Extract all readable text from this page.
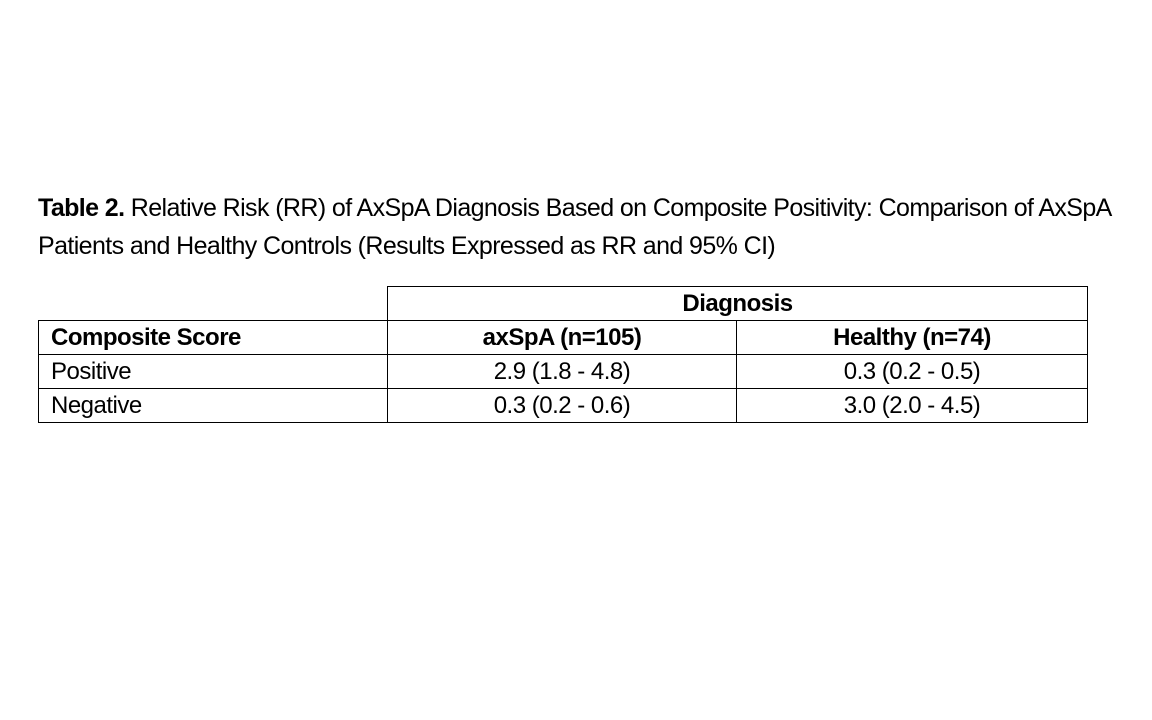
Table 2. Relative Risk (RR) of AxSpA Diagnosis Based on Composite Positivity: Comparison of AxSpA Patients and Healthy Controls (Results Expressed as RR and 95% CI)
	Diagnosis	
Composite Score	axSpA (n=105)	Healthy (n=74)
Positive	2.9 (1.8 - 4.8)	0.3 (0.2 - 0.5)
Negative	0.3 (0.2 - 0.6)	3.0 (2.0 - 4.5)
